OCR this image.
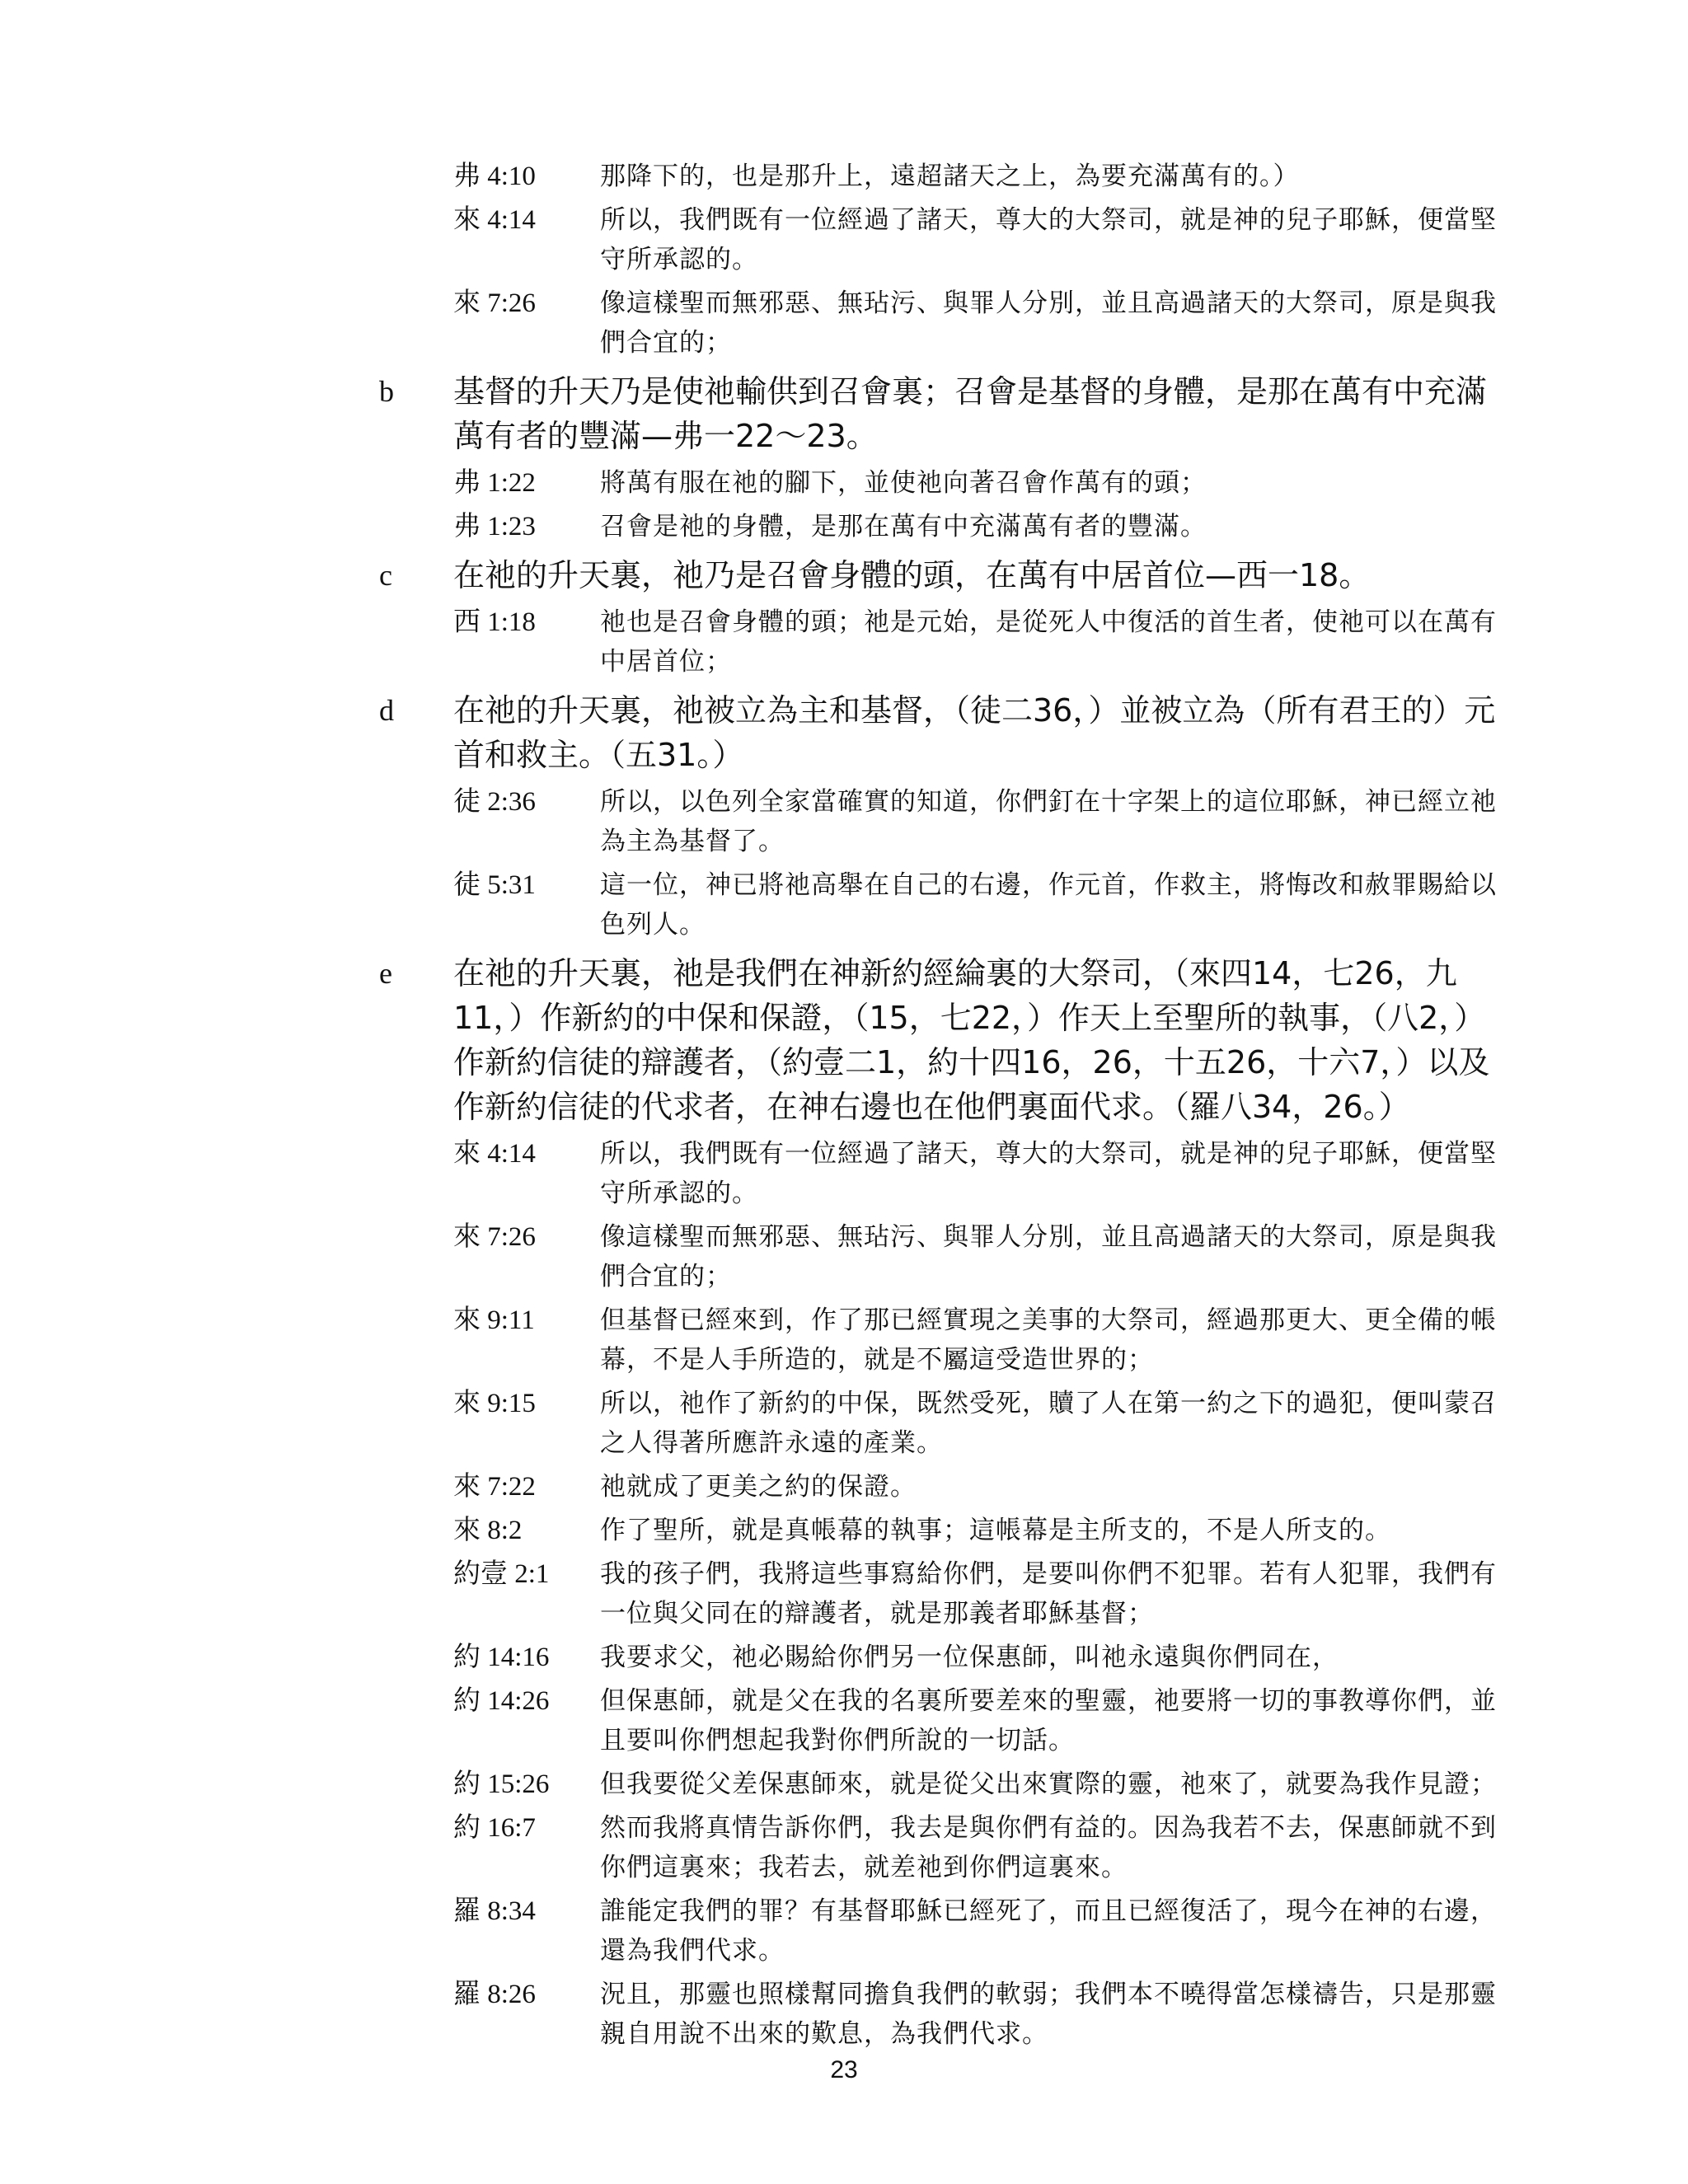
弗 4:10	那降下的，也是那升上，遠超諸天之上，為要充滿萬有的。）
來 4:14	所以，我們既有一位經過了諸天，尊大的大祭司，就是神的兒子耶穌，便當堅守所承認的。
來 7:26	像這樣聖而無邪惡、無玷污、與罪人分別，並且高過諸天的大祭司，原是與我們合宜的；
b	基督的升天乃是使祂輸供到召會裏；召會是基督的身體，是那在萬有中充滿萬有者的豐滿—弗一22～23。
弗 1:22	將萬有服在祂的腳下，並使祂向著召會作萬有的頭；
弗 1:23	召會是祂的身體，是那在萬有中充滿萬有者的豐滿。
c	在祂的升天裏，祂乃是召會身體的頭，在萬有中居首位—西一18。
西 1:18	祂也是召會身體的頭；祂是元始，是從死人中復活的首生者，使祂可以在萬有中居首位；
d	在祂的升天裏，祂被立為主和基督，（徒二36，）並被立為（所有君王的）元首和救主。（五31。）
徒 2:36	所以，以色列全家當確實的知道，你們釘在十字架上的這位耶穌，神已經立祂為主為基督了。
徒 5:31	這一位，神已將祂高舉在自己的右邊，作元首，作救主，將悔改和赦罪賜給以色列人。
e	在祂的升天裏，祂是我們在神新約經綸裏的大祭司，（來四14，七26，九11，）作新約的中保和保證，（15，七22，）作天上至聖所的執事，（八2，）作新約信徒的辯護者，（約壹二1，約十四16，26，十五26，十六7，）以及作新約信徒的代求者，在神右邊也在他們裏面代求。（羅八34，26。）
來 4:14	所以，我們既有一位經過了諸天，尊大的大祭司，就是神的兒子耶穌，便當堅守所承認的。
來 7:26	像這樣聖而無邪惡、無玷污、與罪人分別，並且高過諸天的大祭司，原是與我們合宜的；
來 9:11	但基督已經來到，作了那已經實現之美事的大祭司，經過那更大、更全備的帳幕，不是人手所造的，就是不屬這受造世界的；
來 9:15	所以，祂作了新約的中保，既然受死，贖了人在第一約之下的過犯，便叫蒙召之人得著所應許永遠的產業。
來 7:22	祂就成了更美之約的保證。
來 8:2	作了聖所，就是真帳幕的執事；這帳幕是主所支的，不是人所支的。
約壹 2:1	我的孩子們，我將這些事寫給你們，是要叫你們不犯罪。若有人犯罪，我們有一位與父同在的辯護者，就是那義者耶穌基督；
約 14:16	我要求父，祂必賜給你們另一位保惠師，叫祂永遠與你們同在，
約 14:26	但保惠師，就是父在我的名裏所要差來的聖靈，祂要將一切的事教導你們，並且要叫你們想起我對你們所說的一切話。
約 15:26	但我要從父差保惠師來，就是從父出來實際的靈，祂來了，就要為我作見證；
約 16:7	然而我將真情告訴你們，我去是與你們有益的。因為我若不去，保惠師就不到你們這裏來；我若去，就差祂到你們這裏來。
羅 8:34	誰能定我們的罪？有基督耶穌已經死了，而且已經復活了，現今在神的右邊，還為我們代求。
羅 8:26	況且，那靈也照樣幫同擔負我們的軟弱；我們本不曉得當怎樣禱告，只是那靈親自用說不出來的歎息，為我們代求。
23
